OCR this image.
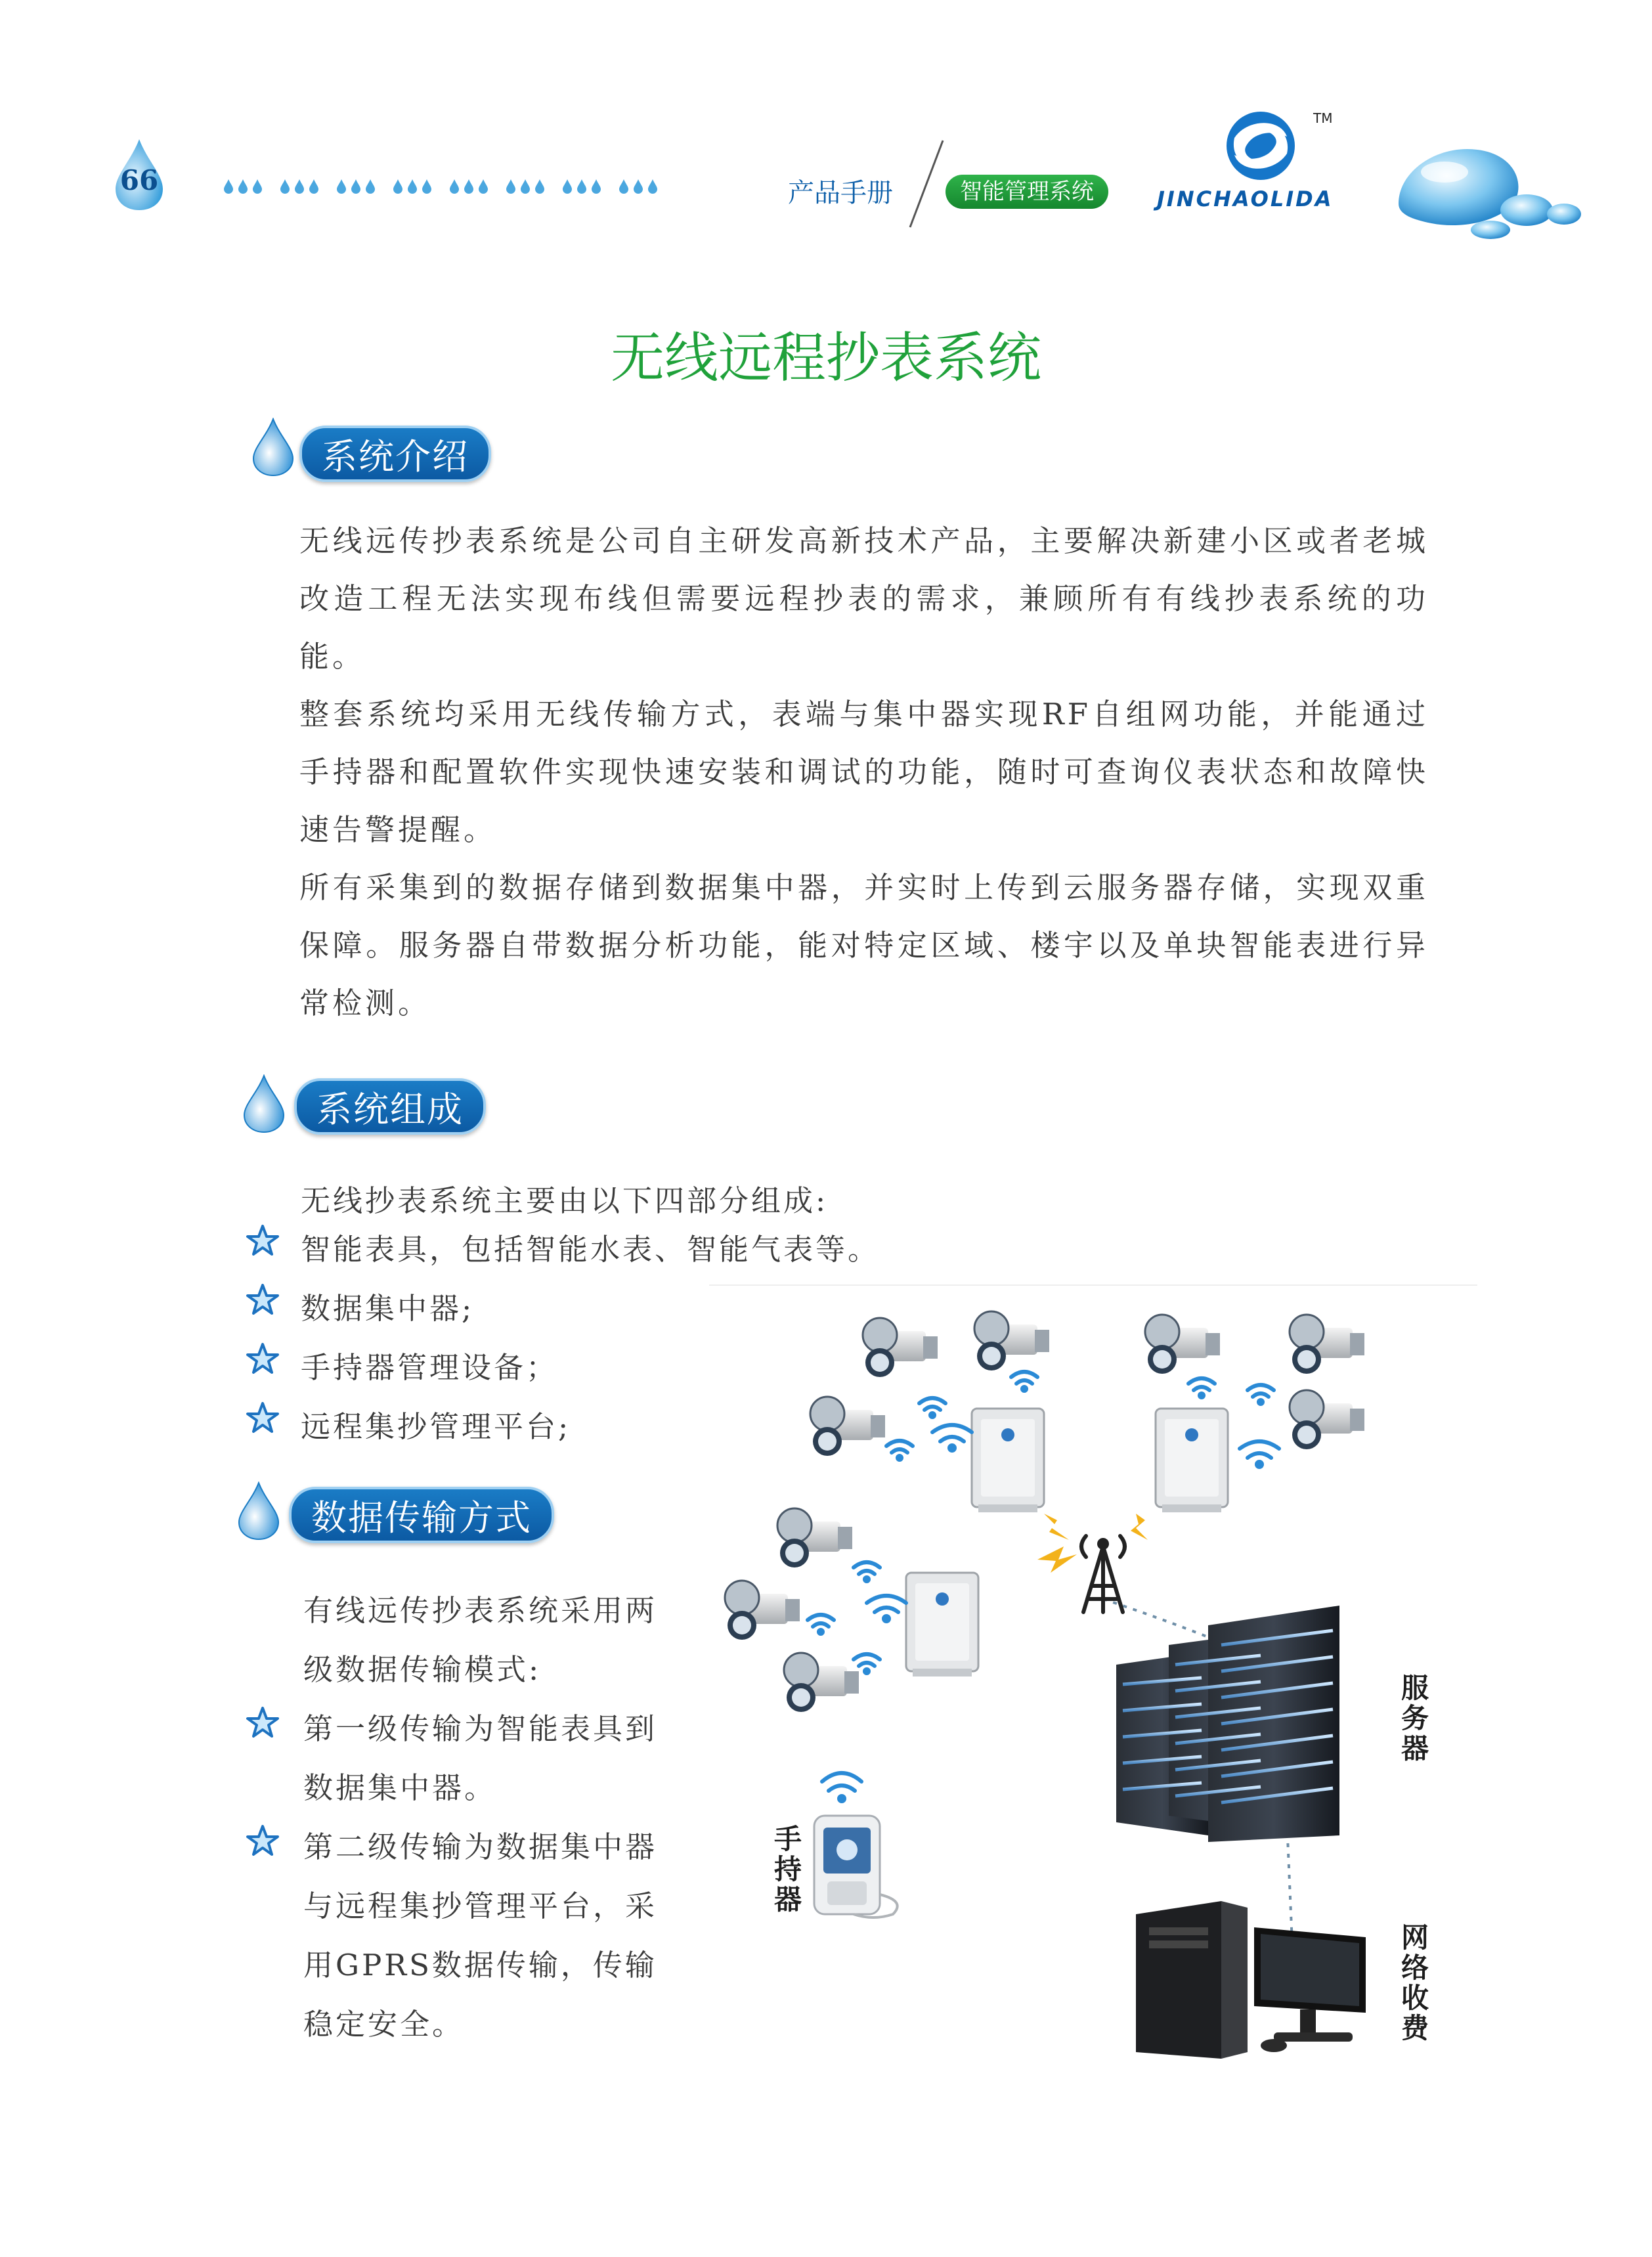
66	产品手册	智能管理系统
TM
JINCHAOLIDA
无线远程抄表系统
系统介绍

无线远传抄表系统是公司自主研发高新技术产品，主要解决新建小区或者老城改造工程无法实现布线但需要远程抄表的需求，兼顾所有有线抄表系统的功能。

整套系统均采用无线传输方式，表端与集中器实现RF自组网功能，并能通过手持器和配置软件实现快速安装和调试的功能，随时可查询仪表状态和故障快速告警提醒。

所有采集到的数据存储到数据集中器，并实时上传到云服务器存储，实现双重保障。服务器自带数据分析功能，能对特定区域、楼宇以及单块智能表进行异常检测。

系统组成
无线抄表系统主要由以下四部分组成:
智能表具，包括智能水表、智能气表等。
数据集中器;
手持器管理设备；
远程集抄管理平台;
数据传输方式
有线远传抄表系统采用两
级数据传输模式:
第一级传输为智能表具到
数据集中器。
第二级传输为数据集中器
与远程集抄管理平台，采
用GPRS数据传输，传输
稳定安全。
服
务
器
网
络
收
费
手
持
器
